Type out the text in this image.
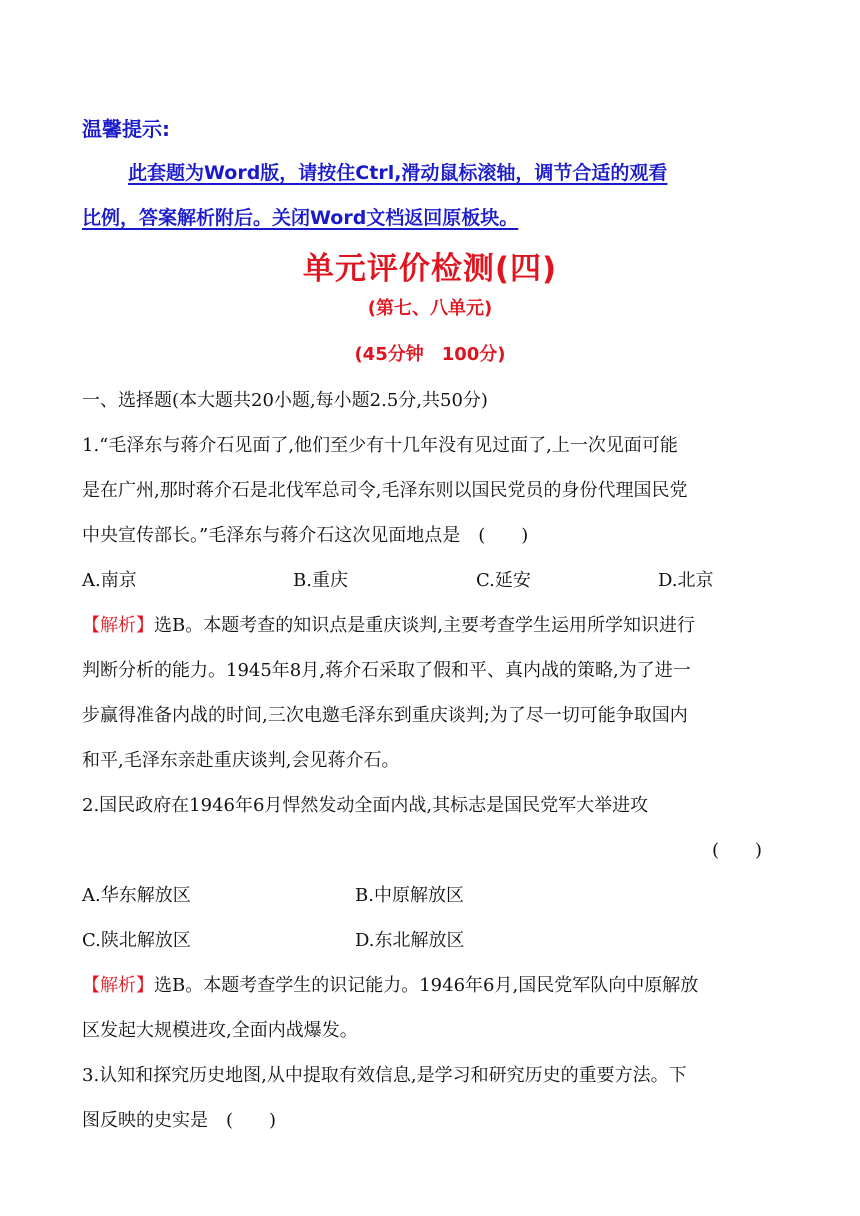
温馨提示:
此套题为Word版，请按住Ctrl,滑动鼠标滚轴，调节合适的观看
比例，答案解析附后。关闭Word文档返回原板块。
单元评价检测(四)
(第七、八单元)
(45分钟　100分)
一、选择题(本大题共20小题,每小题2.5分,共50分)
1.“毛泽东与蒋介石见面了,他们至少有十几年没有见过面了,上一次见面可能
是在广州,那时蒋介石是北伐军总司令,毛泽东则以国民党员的身份代理国民党
中央宣传部长。”毛泽东与蒋介石这次见面地点是　(　　)
A.南京	B.重庆	C.延安	D.北京
【解析】选B。本题考查的知识点是重庆谈判,主要考查学生运用所学知识进行
判断分析的能力。1945年8月,蒋介石采取了假和平、真内战的策略,为了进一
步赢得准备内战的时间,三次电邀毛泽东到重庆谈判;为了尽一切可能争取国内
和平,毛泽东亲赴重庆谈判,会见蒋介石。
2.国民政府在1946年6月悍然发动全面内战,其标志是国民党军大举进攻
(　　)
A.华东解放区	B.中原解放区
C.陕北解放区	D.东北解放区
【解析】选B。本题考查学生的识记能力。1946年6月,国民党军队向中原解放
区发起大规模进攻,全面内战爆发。
3.认知和探究历史地图,从中提取有效信息,是学习和研究历史的重要方法。下
图反映的史实是　(　　)
